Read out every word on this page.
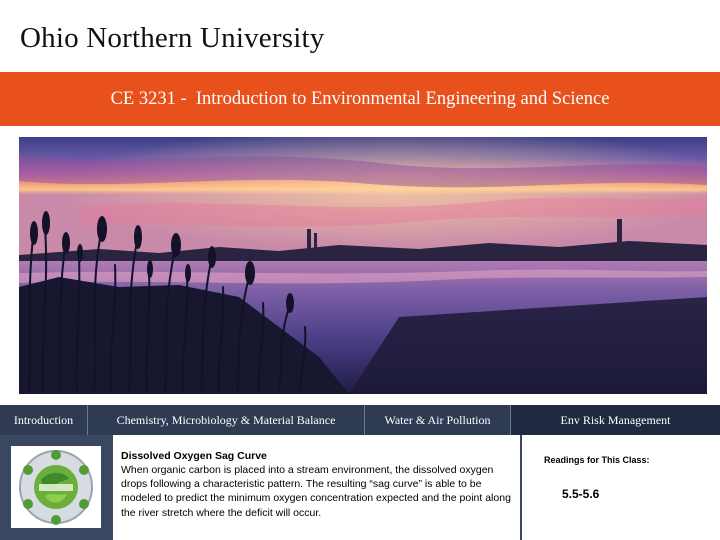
Ohio Northern University
CE 3231 -  Introduction to Environmental Engineering and Science
Introduction	Chemistry, Microbiology & Material Balance	Water & Air Pollution	Env Risk Management
Dissolved Oxygen Sag Curve
When organic carbon is placed into a stream environment, the dissolved oxygen drops following a characteristic pattern. The resulting “sag curve” is able to be modeled to predict the minimum oxygen concentration expected and the point along the river stretch where the deficit will occur.
Readings for This Class:
5.5-5.6
